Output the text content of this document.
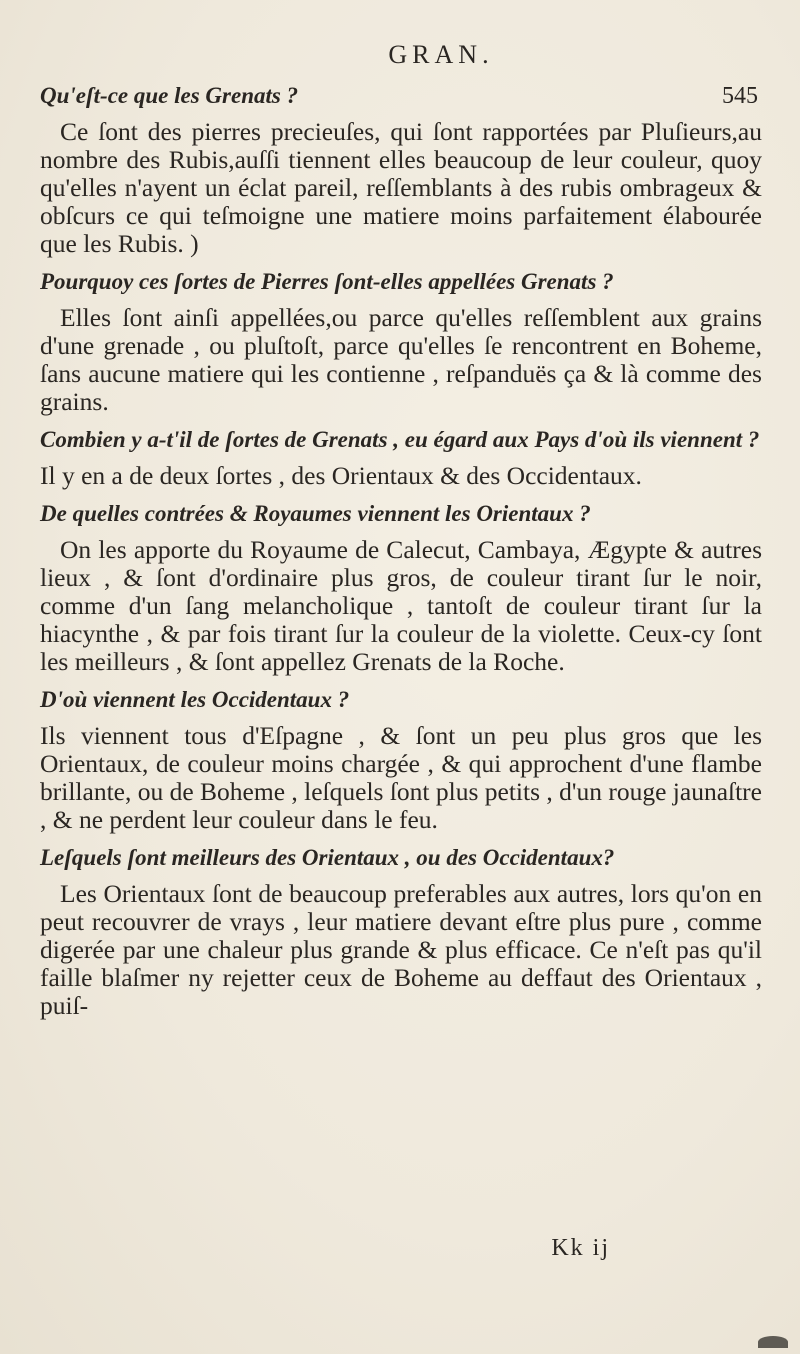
GRAN.
Qu'eſt-ce que les Grenats ?	545

Ce ſont des pierres precieuſes, qui ſont rapportées par Pluſieurs,au nombre des Rubis,auſſi tiennent elles beaucoup de leur couleur, quoy qu'elles n'ayent un éclat pareil, reſſemblants à des rubis ombrageux & obſcurs ce qui teſmoigne une matiere moins parfaitement élabourée que les Rubis. )

Pourquoy ces ſortes de Pierres ſont-elles appellées Grenats ?

Elles ſont ainſi appellées,ou parce qu'elles reſſemblent aux grains d'une grenade , ou pluſtoſt, parce qu'elles ſe rencontrent en Boheme, ſans aucune matiere qui les contienne , reſpanduës ça & là comme des grains.

Combien y a-t'il de ſortes de Grenats , eu égard aux Pays d'où ils viennent ?

Il y en a de deux ſortes , des Orientaux & des Occidentaux.

De quelles contrées & Royaumes viennent les Orientaux ?

On les apporte du Royaume de Calecut, Cambaya, Ægypte & autres lieux , & ſont d'ordinaire plus gros, de couleur tirant ſur le noir, comme d'un ſang melancholique , tantoſt de couleur tirant ſur la hiacynthe , & par fois tirant ſur la couleur de la violette. Ceux-cy ſont les meilleurs , & ſont appellez Grenats de la Roche.

D'où viennent les Occidentaux ?

Ils viennent tous d'Eſpagne , & ſont un peu plus gros que les Orientaux, de couleur moins chargée , & qui approchent d'une flambe brillante, ou de Boheme , leſquels ſont plus petits , d'un rouge jaunaſtre , & ne perdent leur couleur dans le feu.

Leſquels ſont meilleurs des Orientaux , ou des Occidentaux?

Les Orientaux ſont de beaucoup preferables aux autres, lors qu'on en peut recouvrer de vrays , leur matiere devant eſtre plus pure , comme digerée par une chaleur plus grande & plus efficace. Ce n'eſt pas qu'il faille blaſmer ny rejetter ceux de Boheme au deffaut des Orientaux , puiſ-

Kk ij
